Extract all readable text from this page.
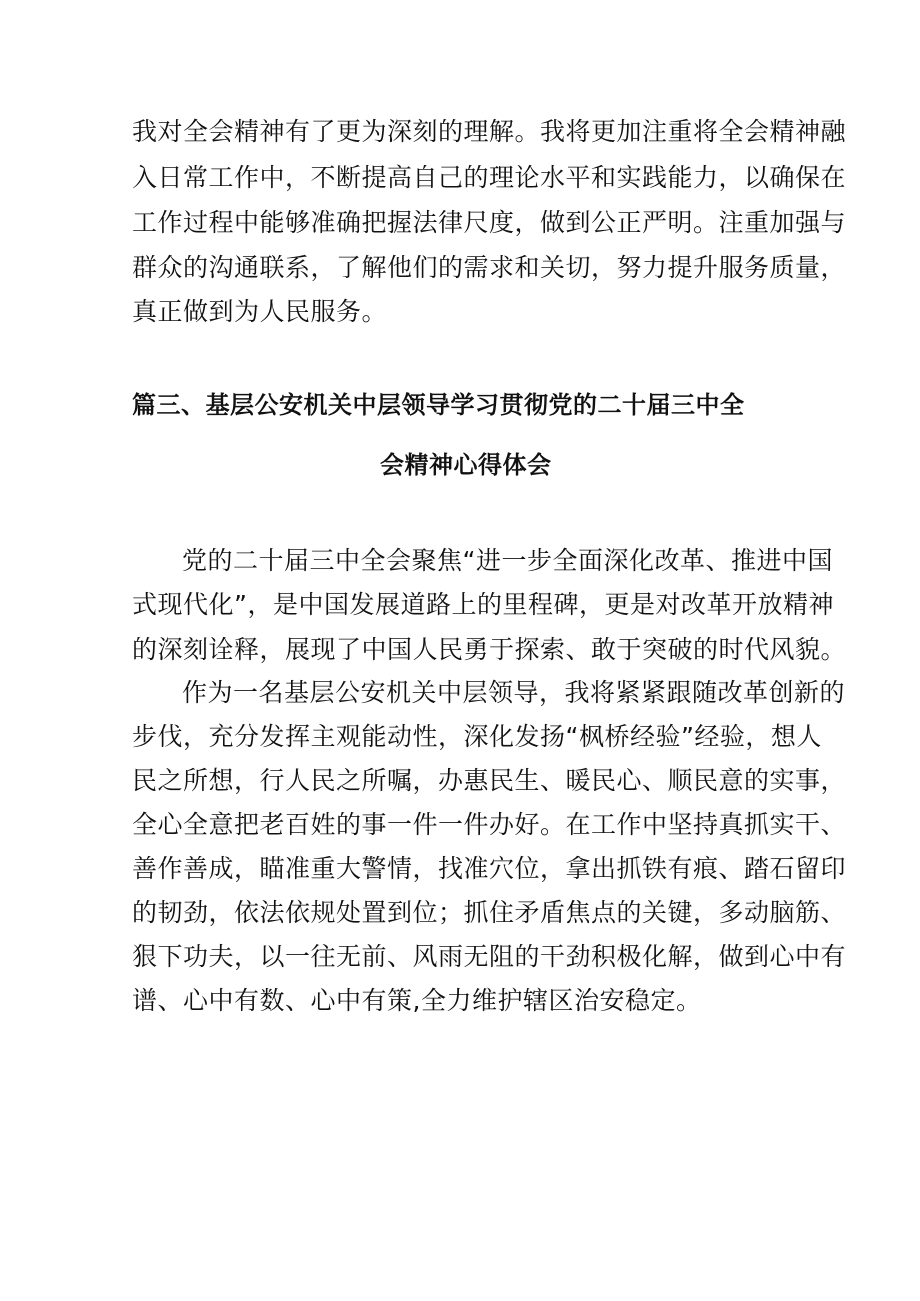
我对全会精神有了更为深刻的理解。我将更加注重将全会精神融
入日常工作中，不断提高自己的理论水平和实践能力，以确保在
工作过程中能够准确把握法律尺度，做到公正严明。注重加强与
群众的沟通联系，了解他们的需求和关切，努力提升服务质量，
真正做到为人民服务。
篇三、基层公安机关中层领导学习贯彻党的二十届三中全
会精神心得体会
党的二十届三中全会聚焦“进一步全面深化改革、推进中国
式现代化”，是中国发展道路上的里程碑，更是对改革开放精神
的深刻诠释，展现了中国人民勇于探索、敢于突破的时代风貌。
作为一名基层公安机关中层领导，我将紧紧跟随改革创新的
步伐，充分发挥主观能动性，深化发扬“枫桥经验”经验，想人
民之所想，行人民之所嘱，办惠民生、暖民心、顺民意的实事，
全心全意把老百姓的事一件一件办好。在工作中坚持真抓实干、
善作善成，瞄准重大警情，找准穴位，拿出抓铁有痕、踏石留印
的韧劲，依法依规处置到位；抓住矛盾焦点的关键，多动脑筋、
狠下功夫，以一往无前、风雨无阻的干劲积极化解，做到心中有
谱、心中有数、心中有策,全力维护辖区治安稳定。
